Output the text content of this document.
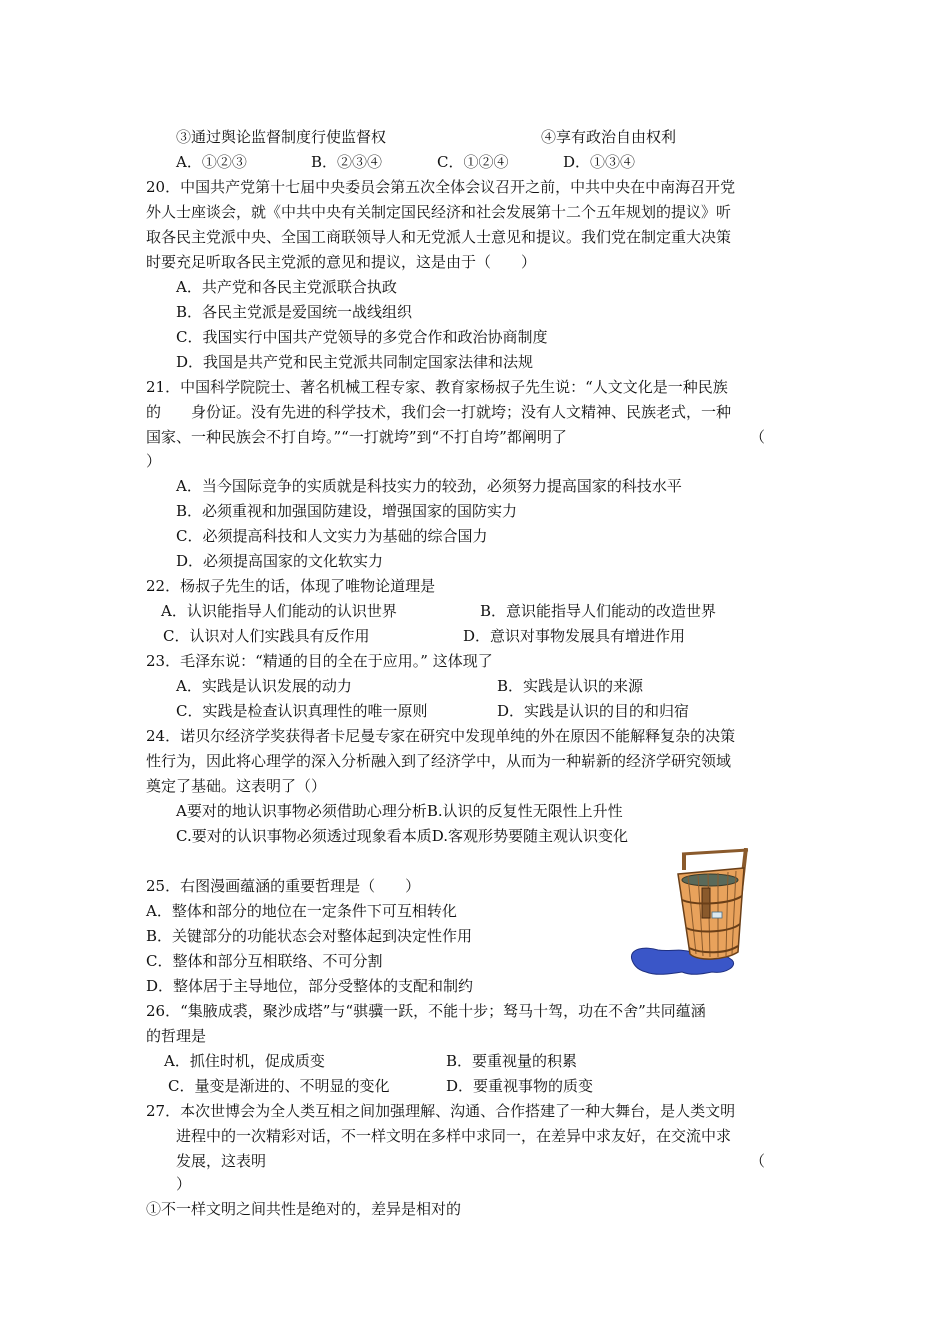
③通过舆论监督制度行使监督权	④享有政治自由权利
A．①②③	B．②③④	C．①②④	D．①③④
20．中国共产党第十七届中央委员会第五次全体会议召开之前，中共中央在中南海召开党
外人士座谈会，就《中共中央有关制定国民经济和社会发展第十二个五年规划的提议》听
取各民主党派中央、全国工商联领导人和无党派人士意见和提议。我们党在制定重大决策
时要充足听取各民主党派的意见和提议，这是由于（　　）
A．共产党和各民主党派联合执政
B．各民主党派是爱国统一战线组织
C．我国实行中国共产党领导的多党合作和政治协商制度
D．我国是共产党和民主党派共同制定国家法律和法规
21．中国科学院院士、著名机械工程专家、教育家杨叔子先生说：“人文文化是一种民族
的　　身份证。没有先进的科学技术，我们会一打就垮；没有人文精神、民族老式，一种
国家、一种民族会不打自垮。”“一打就垮”到“不打自垮”都阐明了	（
）
A．当今国际竞争的实质就是科技实力的较劲，必须努力提高国家的科技水平
B．必须重视和加强国防建设，增强国家的国防实力
C．必须提高科技和人文实力为基础的综合国力
D．必须提高国家的文化软实力
22．杨叔子先生的话，体现了唯物论道理是
A．认识能指导人们能动的认识世界	B．意识能指导人们能动的改造世界
C．认识对人们实践具有反作用	D．意识对事物发展具有增进作用
23．毛泽东说：“精通的目的全在于应用。” 这体现了
A．实践是认识发展的动力	B．实践是认识的来源
C．实践是检查认识真理性的唯一原则	D．实践是认识的目的和归宿
24．诺贝尔经济学奖获得者卡尼曼专家在研究中发现单纯的外在原因不能解释复杂的决策
性行为，因此将心理学的深入分析融入到了经济学中，从而为一种崭新的经济学研究领域
奠定了基础。这表明了（）
A要对的地认识事物必须借助心理分析B.认识的反复性无限性上升性
C.要对的认识事物必须透过现象看本质D.客观形势要随主观认识变化
25．右图漫画蕴涵的重要哲理是（　　）
A．整体和部分的地位在一定条件下可互相转化
B．关键部分的功能状态会对整体起到决定性作用
C．整体和部分互相联络、不可分割
D．整体居于主导地位，部分受整体的支配和制约
26．“集腋成裘，聚沙成塔”与“骐骥一跃，不能十步；驽马十驾，功在不舍”共同蕴涵
的哲理是
A．抓住时机，促成质变	B．要重视量的积累
C．量变是渐进的、不明显的变化	D．要重视事物的质变
27．本次世博会为全人类互相之间加强理解、沟通、合作搭建了一种大舞台，是人类文明
进程中的一次精彩对话，不一样文明在多样中求同一，在差异中求友好，在交流中求
发展，这表明	（
）
①不一样文明之间共性是绝对的，差异是相对的
